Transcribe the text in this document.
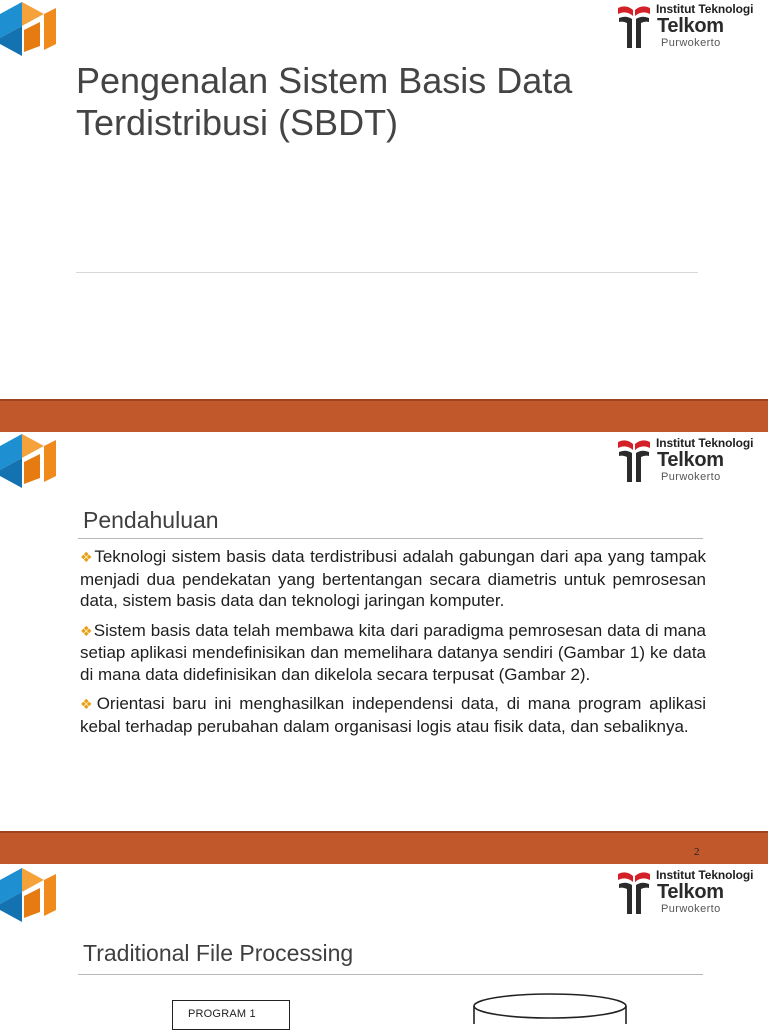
Institut Teknologi
Telkom
Purwokerto
Pengenalan Sistem Basis Data
Terdistribusi (SBDT)
Institut Teknologi
Telkom
Purwokerto
Pendahuluan
❖Teknologi sistem basis data terdistribusi adalah gabungan dari apa yang tampak menjadi dua pendekatan yang bertentangan secara diametris untuk pemrosesan data, sistem basis data dan teknologi jaringan komputer.
❖Sistem basis data telah membawa kita dari paradigma pemrosesan data di mana setiap aplikasi mendefinisikan dan memelihara datanya sendiri (Gambar 1) ke data di mana data didefinisikan dan dikelola secara terpusat (Gambar 2).
❖Orientasi baru ini menghasilkan independensi data, di mana program aplikasi kebal terhadap perubahan dalam organisasi logis atau fisik data, dan sebaliknya.
2
Institut Teknologi
Telkom
Purwokerto
Traditional File Processing
PROGRAM 1
